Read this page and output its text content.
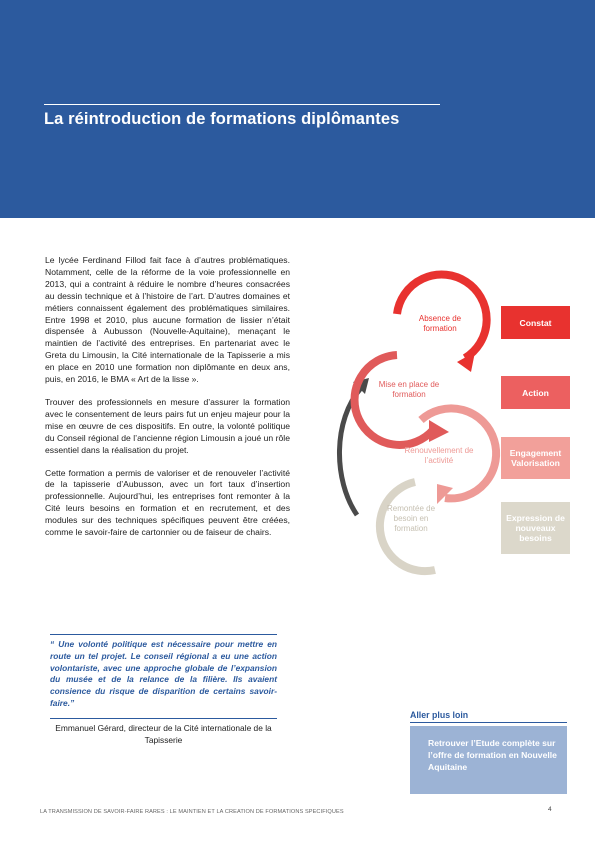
La réintroduction de formations diplômantes

Le lycée Ferdinand Fillod fait face à d’autres problématiques. Notamment, celle de la réforme de la voie professionnelle en 2013, qui a contraint à réduire le nombre d’heures consacrées au dessin technique et à l’histoire de l’art. D’autres domaines et métiers connaissent également des problématiques similaires. Entre 1998 et 2010, plus aucune formation de lissier n’était dispensée à Aubusson (Nouvelle-Aquitaine), menaçant le maintien de l’activité des entreprises. En partenariat avec le Greta du Limousin, la Cité internationale de la Tapisserie a mis en place en 2010 une formation non diplômante en deux ans, puis, en 2016, le BMA « Art de la lisse ».

Trouver des professionnels en mesure d’assurer la formation avec le consentement de leurs pairs fut un enjeu majeur pour la mise en œuvre de ces dispositifs. En outre, la volonté politique du Conseil régional de l’ancienne région Limousin a joué un rôle essentiel dans la réalisation du projet.

Cette formation a permis de valoriser et de renouveler l’activité de la tapisserie d’Aubusson, avec un fort taux d’insertion professionnelle. Aujourd’hui, les entreprises font remonter à la Cité leurs besoins en formation et en recrutement, et des modules sur des techniques spécifiques peuvent être créées, comme le savoir-faire de cartonnier ou de faiseur de chairs.

Absence de formation
Mise en place de formation
Renouvellement de l’activité
Remontée de besoin en formation
Constat
Action
Engagement Valorisation
Expression de nouveaux besoins
“ Une volonté politique est nécessaire pour mettre en route un tel projet. Le conseil régional a eu une action volontariste, avec une approche globale de l’expansion du musée et de la relance de la filière. Ils avaient consience du risque de disparition de certains savoir-faire.”
Emmanuel Gérard, directeur de la Cité internationale de la Tapisserie
Aller plus loin
Retrouver l’Etude complète sur l’offre de formation en Nouvelle Aquitaine
LA TRANSMISSION DE SAVOIR-FAIRE RARES : LE MAINTIEN ET LA CREATION DE FORMATIONS SPECIFIQUES	4
